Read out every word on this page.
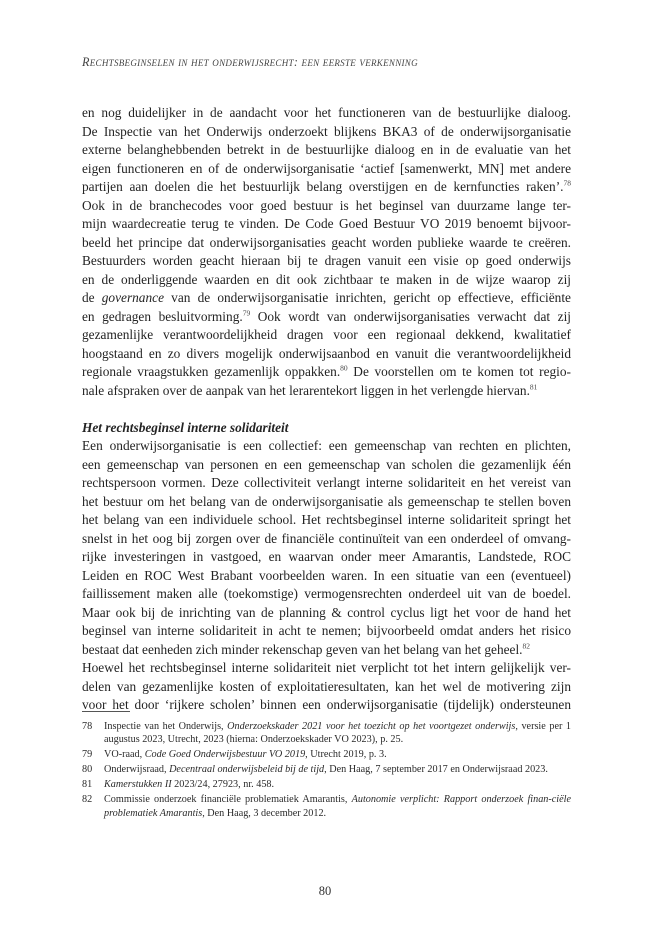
Rechtsbeginselen in het onderwijsrecht: een eerste verkenning
en nog duidelijker in de aandacht voor het functioneren van de bestuurlijke dialoog.
De Inspectie van het Onderwijs onderzoekt blijkens BKA3 of de onderwijsorganisatie
externe belanghebbenden betrekt in de bestuurlijke dialoog en in de evaluatie van het
eigen functioneren en of de onderwijsorganisatie ‘actief [samenwerkt, MN] met andere
partijen aan doelen die het bestuurlijk belang overstijgen en de kernfuncties raken’.$^{78}$
Ook in de branchecodes voor goed bestuur is het beginsel van duurzame lange ter-
mijn waardecreatie terug te vinden. De Code Goed Bestuur VO 2019 benoemt bijvoor-
beeld het principe dat onderwijsorganisaties geacht worden publieke waarde te creëren.
Bestuurders worden geacht hieraan bij te dragen vanuit een visie op goed onderwijs
en de onderliggende waarden en dit ook zichtbaar te maken in de wijze waarop zij
de governance van de onderwijsorganisatie inrichten, gericht op effectieve, efficiënte
en gedragen besluitvorming.$^{79}$ Ook wordt van onderwijsorganisaties verwacht dat zij
gezamenlijke verantwoordelijkheid dragen voor een regionaal dekkend, kwalitatief
hoogstaand en zo divers mogelijk onderwijsaanbod en vanuit die verantwoordelijkheid
regionale vraagstukken gezamenlijk oppakken.$^{80}$ De voorstellen om te komen tot regio-
nale afspraken over de aanpak van het lerarentekort liggen in het verlengde hiervan.$^{81}$
Het rechtsbeginsel interne solidariteit
Een onderwijsorganisatie is een collectief: een gemeenschap van rechten en plichten,
een gemeenschap van personen en een gemeenschap van scholen die gezamenlijk één
rechtspersoon vormen. Deze collectiviteit verlangt interne solidariteit en het vereist van
het bestuur om het belang van de onderwijsorganisatie als gemeenschap te stellen boven
het belang van een individuele school. Het rechtsbeginsel interne solidariteit springt het
snelst in het oog bij zorgen over de financiële continuïteit van een onderdeel of omvang-
rijke investeringen in vastgoed, en waarvan onder meer Amarantis, Landstede, ROC
Leiden en ROC West Brabant voorbeelden waren. In een situatie van een (eventueel)
faillissement maken alle (toekomstige) vermogensrechten onderdeel uit van de boedel.
Maar ook bij de inrichting van de planning & control cyclus ligt het voor de hand het
beginsel van interne solidariteit in acht te nemen; bijvoorbeeld omdat anders het risico
bestaat dat eenheden zich minder rekenschap geven van het belang van het geheel.$^{82}$
Hoewel het rechtsbeginsel interne solidariteit niet verplicht tot het intern gelijkelijk ver-
delen van gezamenlijke kosten of exploitatieresultaten, kan het wel de motivering zijn
voor het door ‘rijkere scholen’ binnen een onderwijsorganisatie (tijdelijk) ondersteunen
78 Inspectie van het Onderwijs, Onderzoekskader 2021 voor het toezicht op het voortgezet onderwijs, versie per 1 augustus 2023, Utrecht, 2023 (hierna: Onderzoekskader VO 2023), p. 25.
79 VO-raad, Code Goed Onderwijsbestuur VO 2019, Utrecht 2019, p. 3.
80 Onderwijsraad, Decentraal onderwijsbeleid bij de tijd, Den Haag, 7 september 2017 en Onderwijsraad 2023.
81 Kamerstukken II 2023/24, 27923, nr. 458.
82 Commissie onderzoek financiële problematiek Amarantis, Autonomie verplicht: Rapport onderzoek finan-ciële problematiek Amarantis, Den Haag, 3 december 2012.
80
